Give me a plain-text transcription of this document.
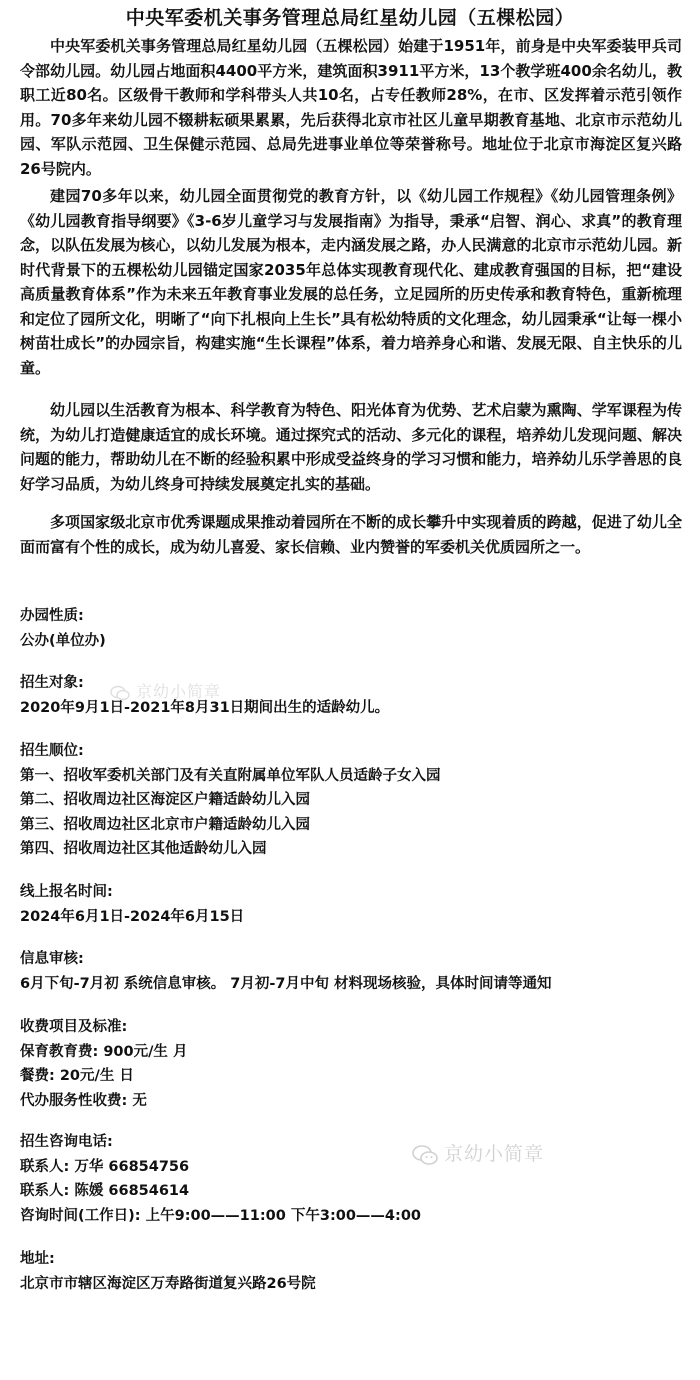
中央军委机关事务管理总局红星幼儿园（五棵松园）

中央军委机关事务管理总局红星幼儿园（五棵松园）始建于1951年，前身是中央军委装甲兵司令部幼儿园。幼儿园占地面积4400平方米，建筑面积3911平方米，13个教学班400余名幼儿，教职工近80名。区级骨干教师和学科带头人共10名，占专任教师28%，在市、区发挥着示范引领作用。70多年来幼儿园不辍耕耘硕果累累，先后获得北京市社区儿童早期教育基地、北京市示范幼儿园、军队示范园、卫生保健示范园、总局先进事业单位等荣誉称号。地址位于北京市海淀区复兴路26号院内。

建园70多年以来，幼儿园全面贯彻党的教育方针，以《幼儿园工作规程》《幼儿园管理条例》《幼儿园教育指导纲要》《3-6岁儿童学习与发展指南》为指导，秉承“启智、润心、求真”的教育理念，以队伍发展为核心，以幼儿发展为根本，走内涵发展之路，办人民满意的北京市示范幼儿园。新时代背景下的五棵松幼儿园锚定国家2035年总体实现教育现代化、建成教育强国的目标，把“建设高质量教育体系”作为未来五年教育事业发展的总任务，立足园所的历史传承和教育特色，重新梳理和定位了园所文化，明晰了“向下扎根向上生长”具有松幼特质的文化理念，幼儿园秉承“让每一棵小树苗壮成长”的办园宗旨，构建实施“生长课程”体系，着力培养身心和谐、发展无限、自主快乐的儿童。

幼儿园以生活教育为根本、科学教育为特色、阳光体育为优势、艺术启蒙为熏陶、学军课程为传统，为幼儿打造健康适宜的成长环境。通过探究式的活动、多元化的课程，培养幼儿发现问题、解决问题的能力，帮助幼儿在不断的经验积累中形成受益终身的学习习惯和能力，培养幼儿乐学善思的良好学习品质，为幼儿终身可持续发展奠定扎实的基础。

多项国家级北京市优秀课题成果推动着园所在不断的成长攀升中实现着质的跨越，促进了幼儿全面而富有个性的成长，成为幼儿喜爱、家长信赖、业内赞誉的军委机关优质园所之一。

办园性质:
公办(单位办)
招生对象:
2020年9月1日-2021年8月31日期间出生的适龄幼儿。
招生顺位:
第一、招收军委机关部门及有关直附属单位军队人员适龄子女入园
第二、招收周边社区海淀区户籍适龄幼儿入园
第三、招收周边社区北京市户籍适龄幼儿入园
第四、招收周边社区其他适龄幼儿入园
线上报名时间:
2024年6月1日-2024年6月15日
信息审核:
6月下旬-7月初 系统信息审核。 7月初-7月中旬 材料现场核验，具体时间请等通知
收费项目及标准:
保育教育费: 900元/生 月
餐费: 20元/生 日
代办服务性收费: 无
招生咨询电话:
联系人: 万华 66854756
联系人: 陈媛 66854614
咨询时间(工作日): 上午9:00——11:00 下午3:00——4:00
地址:
北京市市辖区海淀区万寿路街道复兴路26号院
京幼小简章
京幼小简章
